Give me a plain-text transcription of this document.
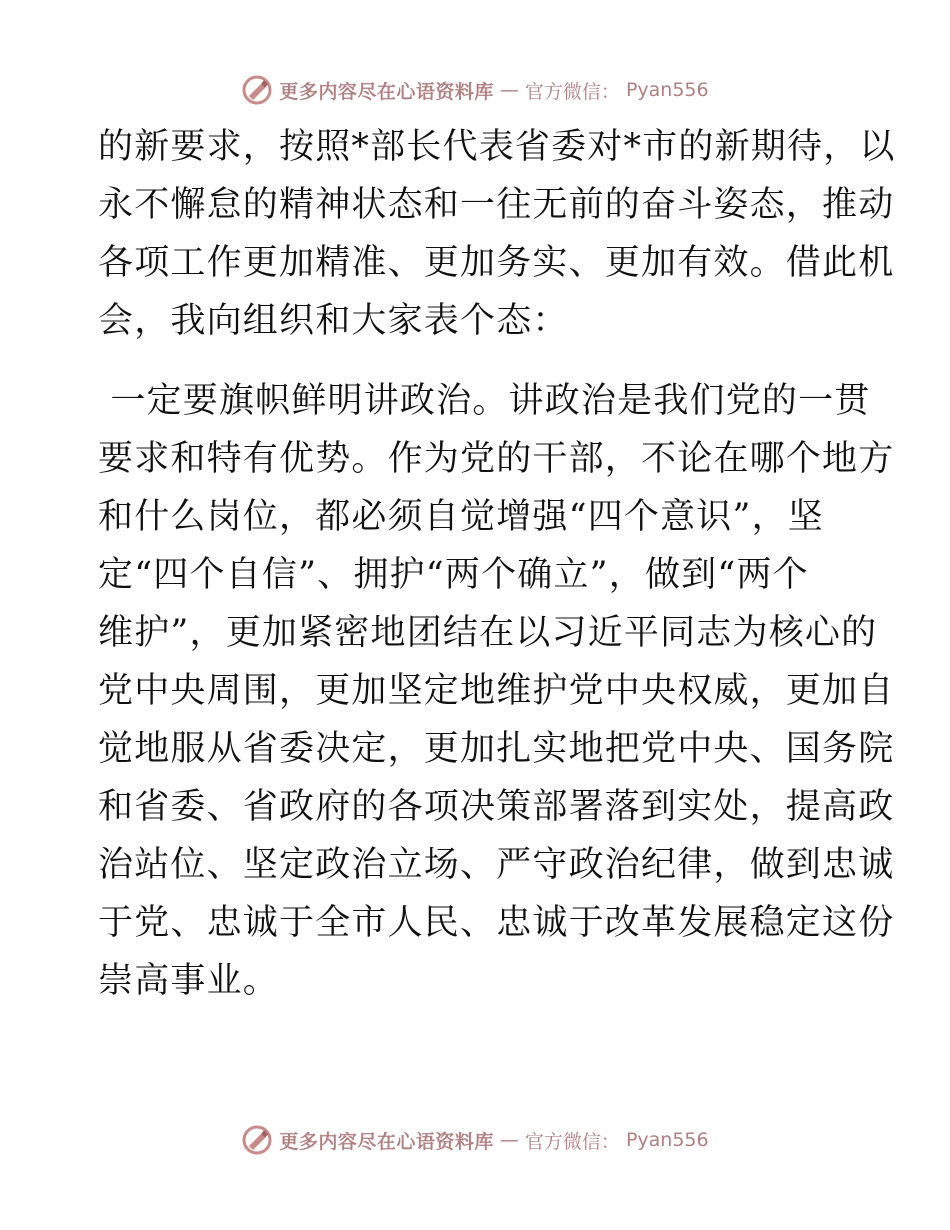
更多内容尽在心语资料库 — 官方微信： Pyan556
的新要求，按照*部长代表省委对*市的新期待，以
永不懈怠的精神状态和一往无前的奋斗姿态，推动
各项工作更加精准、更加务实、更加有效。借此机
会，我向组织和大家表个态：
一定要旗帜鲜明讲政治。讲政治是我们党的一贯
要求和特有优势。作为党的干部，不论在哪个地方
和什么岗位，都必须自觉增强“四个意识”，坚
定“四个自信”、拥护“两个确立”，做到“两个
维护”，更加紧密地团结在以习近平同志为核心的
党中央周围，更加坚定地维护党中央权威，更加自
觉地服从省委决定，更加扎实地把党中央、国务院
和省委、省政府的各项决策部署落到实处，提高政
治站位、坚定政治立场、严守政治纪律，做到忠诚
于党、忠诚于全市人民、忠诚于改革发展稳定这份
崇高事业。
更多内容尽在心语资料库 — 官方微信： Pyan556
